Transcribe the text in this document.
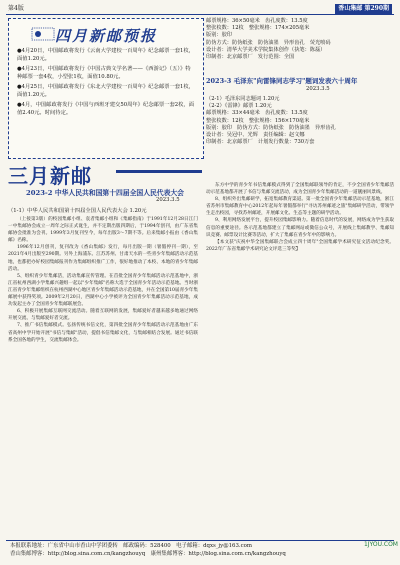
第4版	香山集邮 第290期
四月新邮预报
●4月20日，中国邮政将发行《云南大学建校一百周年》纪念邮票一套1枚，面值1.20元。
●4月23日，中国邮政将发行《中国古典文学名著——《西游记》（五）》特种邮票一套4枚，小型张1枚，面值10.80元。
●4月25日，中国邮政将发行《东北大学建校一百周年》纪念邮票一套1枚，面值1.20元。
●4月，中国邮政将发行《中国与西班牙建交50周年》纪念邮票一套2枚，面值2.40元。时间待定。
三月新邮
2023-2 中华人民共和国第十四届全国人民代表大会
2023.3.5
（1-1）中华人民共和国第十四届全国人民代表大会 1.20元

（上接第3版）的校园集邮小组、袁者集邮小组和《集邮指南》于1991年12月28日江门一中集邮协会成立一周年之际正式诞生，并不定期出版四期后，于1994年创刊，由广东省集邮协会批准为会刊。1999年3月复刊至今，每年出版3～7期不等。后来集邮小报由《香山集邮》名称。

1996年12月创刊，复刊改为《香山集邮》发行，每月出版一期（暑假停刊一期），至2021年4月出版至290期。另外上海浦东、江苏苏州、甘肃天水的一些青少年集邮活动示范基地，也都把办好校园集邮报刊作为集邮组织推广工作，很好地推动了本校、本地的青少年集邮活动。

5、组织青少年集邮活，活动集邮宣传管理。在首批全国青少年集邮活动示范基地中，浙江省杭州西湖小学集邮兴趣组一起以"少年集邮"名称大选于全国青少年活动示范基地。当时浙江省青少年集邮组织在杭州西湖中心地区青少年集邮活动示范基地，并在全国第10届青少年集邮展中获得奖项。2009年2月20日，西湖中心小学被评为全国青少年集邮活动示范基地，成功发起主办了全国青少年集邮联展会。

6、积极开展集邮互联网交流活动。随着互联网的发展，集邮爱好者越来越多地通过网络开展交流、与集邮爱好者交流。

7、推广书信集邮模式。弘扬传统书信文化，第四批全国青少年集邮活动示范基地由广东省高州中学开始开展"书信与集邮"活动，提倡书信集邮文化，与集邮相结合发展。通过书信联系全国各地的学生，交流集邮体会。

邮票规格：36×50毫米　齿孔度数：13.5度

整张枚数：12枚　整张规格：174×205毫米

版别：胶印

防伪方式：防伪纸张　防伪油墨　异形齿孔　荧光喷码

设计者：清华大学美术学院集体创作（执笔：陈磊）

印制者：北京邮票厂　发行范围：全国

2023-3 毛泽东"向雷锋同志学习"题词发表六十周年
2023.3.5

（2-1）毛泽东同志题词 1.20元

（2-2）《雷锋》邮票 1.20元

邮票规格：33×44毫米　齿孔度数：13.5度

整张枚数：12枚　整张规格：156×170毫米

版别：胶印　防伪方式：防伪纸张　防伪油墨　异形齿孔

设计者：吴冠中、光辉　责任编辑：赵文娜

印制者：北京邮票厂　计划发行数量：730万套

东方中学的青少年书信集邮模式得到了全国集邮联领导的肯定，不少全国青少年集邮活动示范基地都开展了书信与集邮交流活动，成为全国青少年集邮活动的一道靓丽风景线。

8、组织外出集邮研学，拓宽集邮教育渠道。第一批全国青少年集邮活动示范基地，浙江省苏州市集邮教育中心2012年起每年暑假都举行"寻访苏州邮迹之旅"集邮研学活动，带领学生走出校园，寻找苏州邮迹，开展邮文化、生态等主题的研学活动。

9、利用网络发展平台，提升校园集邮影响力。随着信息时代的发展，网络成为学生获取信息的重要途径。各示范基地都建立了集邮网站或微信公众号，开展线上集邮教学、集邮知识竞赛、邮票设计比赛等活动，扩大了集邮在青少年中的影响力。

【本文获"庆祝中华全国集邮联合会成立四十周年"全国集邮学术研究征文活动纪念奖。2022年广东省集邮学术研究论文评选三等奖】

本报联系地址：广东省中山市香山中学团委转　邮政编码：528400　电子邮箱：dqxs_jy@163.com
香山集邮博客：http://blog.sina.com.cn/kangzhouyq　康州集邮博客：http://blog.sina.com.cn/kangzhouyq
1JYOU.COM
